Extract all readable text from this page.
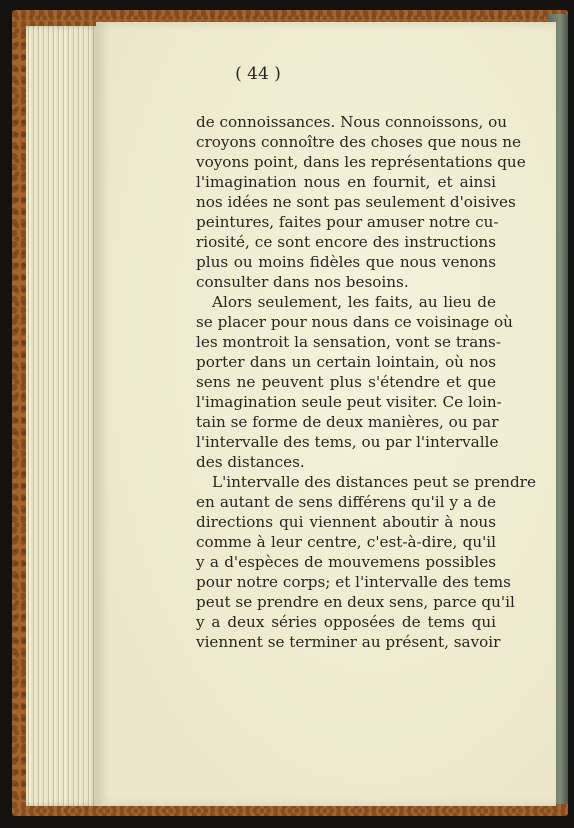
( 44 )
de connoissances. Nous connoissons, ou
croyons connoître des choses que nous ne
voyons point, dans les représentations que
l'imagination nous en fournit, et ainsi
nos idées ne sont pas seulement d'oisives
peintures, faites pour amuser notre cu-
riosité, ce sont encore des instructions
plus ou moins fidèles que nous venons
consulter dans nos besoins.
Alors seulement, les faits, au lieu de
se placer pour nous dans ce voisinage où
les montroit la sensation, vont se trans-
porter dans un certain lointain, où nos
sens ne peuvent plus s'étendre et que
l'imagination seule peut visiter. Ce loin-
tain se forme de deux manières, ou par
l'intervalle des tems, ou par l'intervalle
des distances.
L'intervalle des distances peut se prendre
en autant de sens différens qu'il y a de
directions qui viennent aboutir à nous
comme à leur centre, c'est-à-dire, qu'il
y a d'espèces de mouvemens possibles
pour notre corps; et l'intervalle des tems
peut se prendre en deux sens, parce qu'il
y a deux séries opposées de tems qui
viennent se terminer au présent, savoir
